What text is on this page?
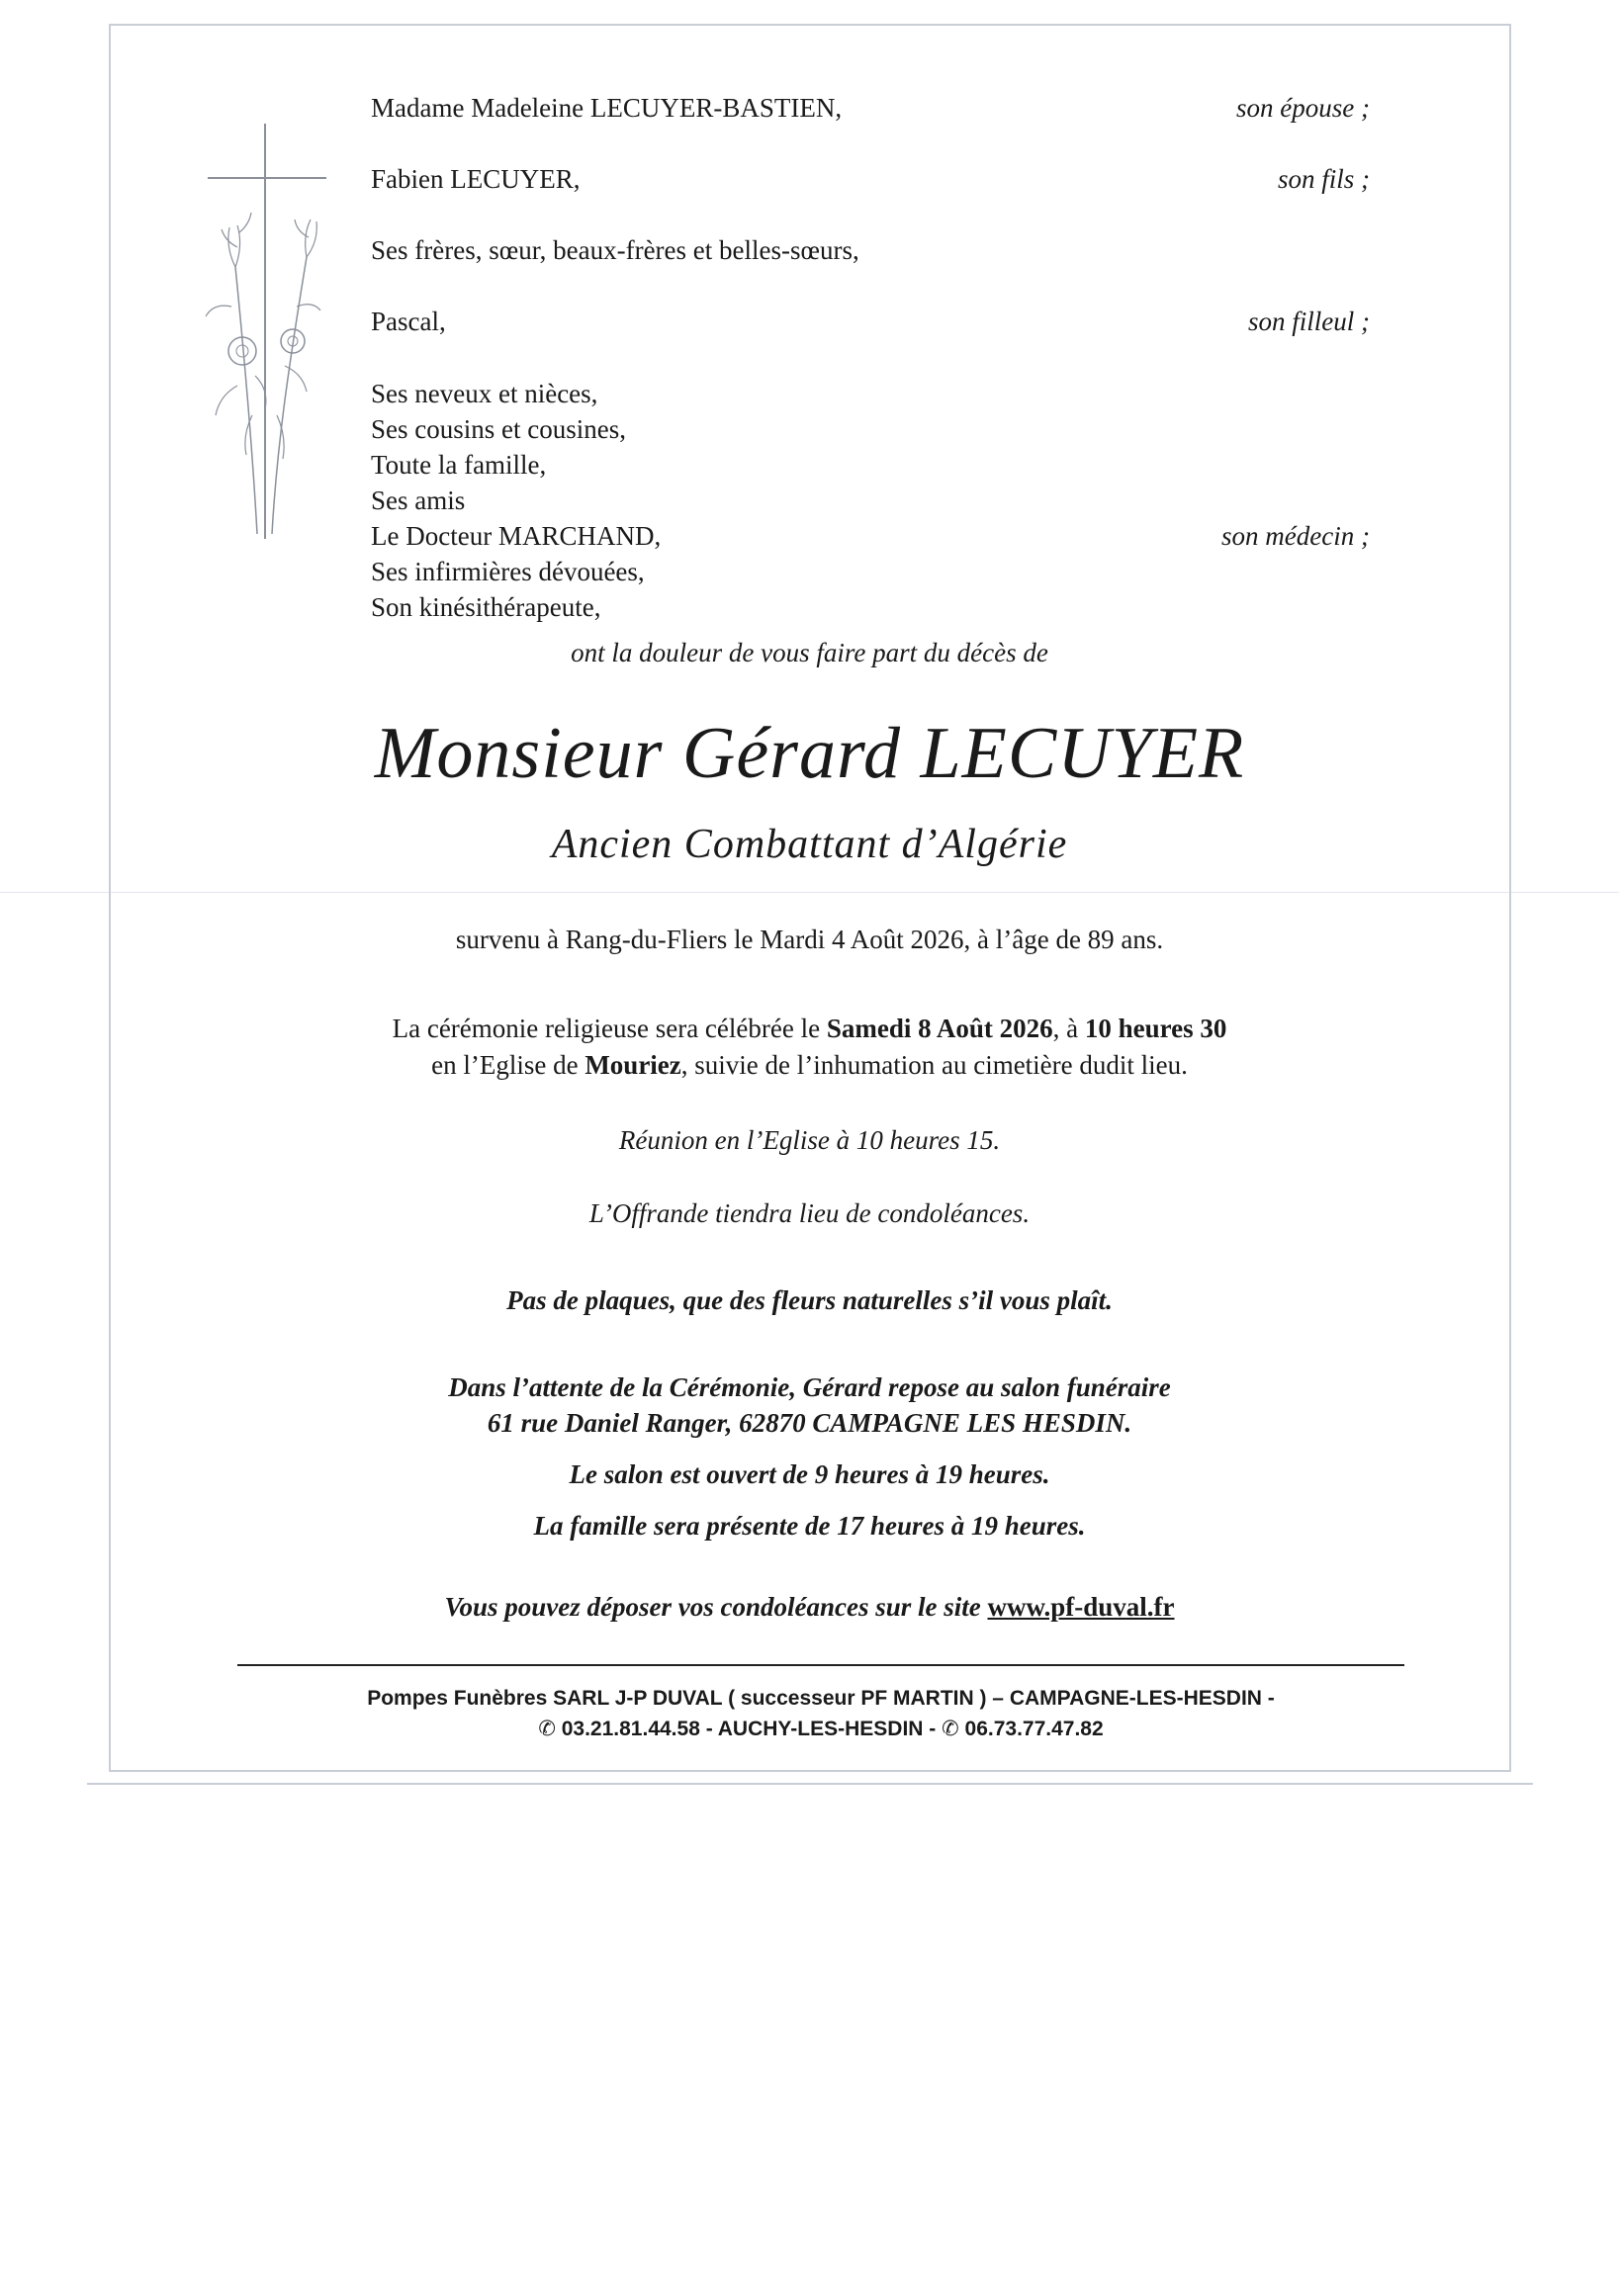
Madame Madeleine LECUYER-BASTIEN,	son épouse ;
Fabien LECUYER,	son fils ;
Ses frères, sœur, beaux-frères et belles-sœurs,
Pascal,	son filleul ;
Ses neveux et nièces,
Ses cousins et cousines,
Toute la famille,
Ses amis
Le Docteur MARCHAND,	son médecin ;
Ses infirmières dévouées,
Son kinésithérapeute,
ont la douleur de vous faire part du décès de
Monsieur Gérard LECUYER
Ancien Combattant d’Algérie
survenu à Rang-du-Fliers le Mardi 4 Août 2026, à l’âge de 89 ans.
La cérémonie religieuse sera célébrée le Samedi 8 Août 2026, à 10 heures 30
en l’Eglise de Mouriez, suivie de l’inhumation au cimetière dudit lieu.
Réunion en l’Eglise à 10 heures 15.
L’Offrande tiendra lieu de condoléances.
Pas de plaques, que des fleurs naturelles s’il vous plaît.
Dans l’attente de la Cérémonie, Gérard repose au salon funéraire
61 rue Daniel Ranger, 62870 CAMPAGNE LES HESDIN.
Le salon est ouvert de 9 heures à 19 heures.
La famille sera présente de 17 heures à 19 heures.
Vous pouvez déposer vos condoléances sur le site www.pf-duval.fr
Pompes Funèbres SARL J-P DUVAL ( successeur PF MARTIN ) – CAMPAGNE-LES-HESDIN -
✆ 03.21.81.44.58 - AUCHY-LES-HESDIN - ✆ 06.73.77.47.82
